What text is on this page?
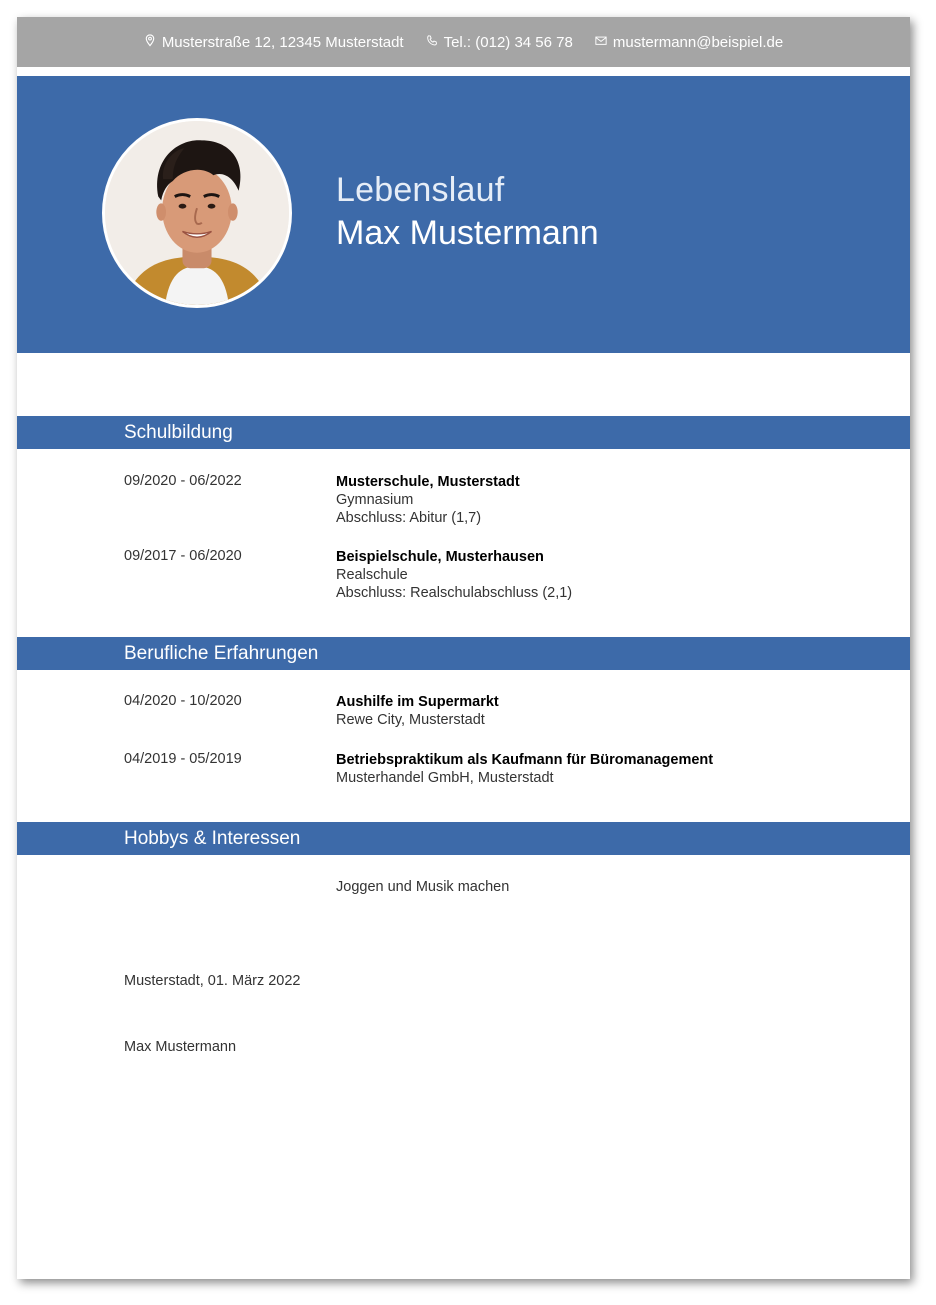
Musterstraße 12, 12345 Musterstadt	Tel.: (012) 34 56 78	mustermann@beispiel.de
Lebenslauf
Max Mustermann
Schulbildung
09/2020 - 06/2022	Musterschule, Musterstadt
Gymnasium
Abschluss: Abitur (1,7)
09/2017 - 06/2020	Beispielschule, Musterhausen
Realschule
Abschluss: Realschulabschluss (2,1)
Berufliche Erfahrungen
04/2020 - 10/2020	Aushilfe im Supermarkt
Rewe City, Musterstadt
04/2019 - 05/2019	Betriebspraktikum als Kaufmann für Büromanagement
Musterhandel GmbH, Musterstadt
Hobbys & Interessen
Joggen und Musik machen
Musterstadt, 01. März 2022
Max Mustermann
